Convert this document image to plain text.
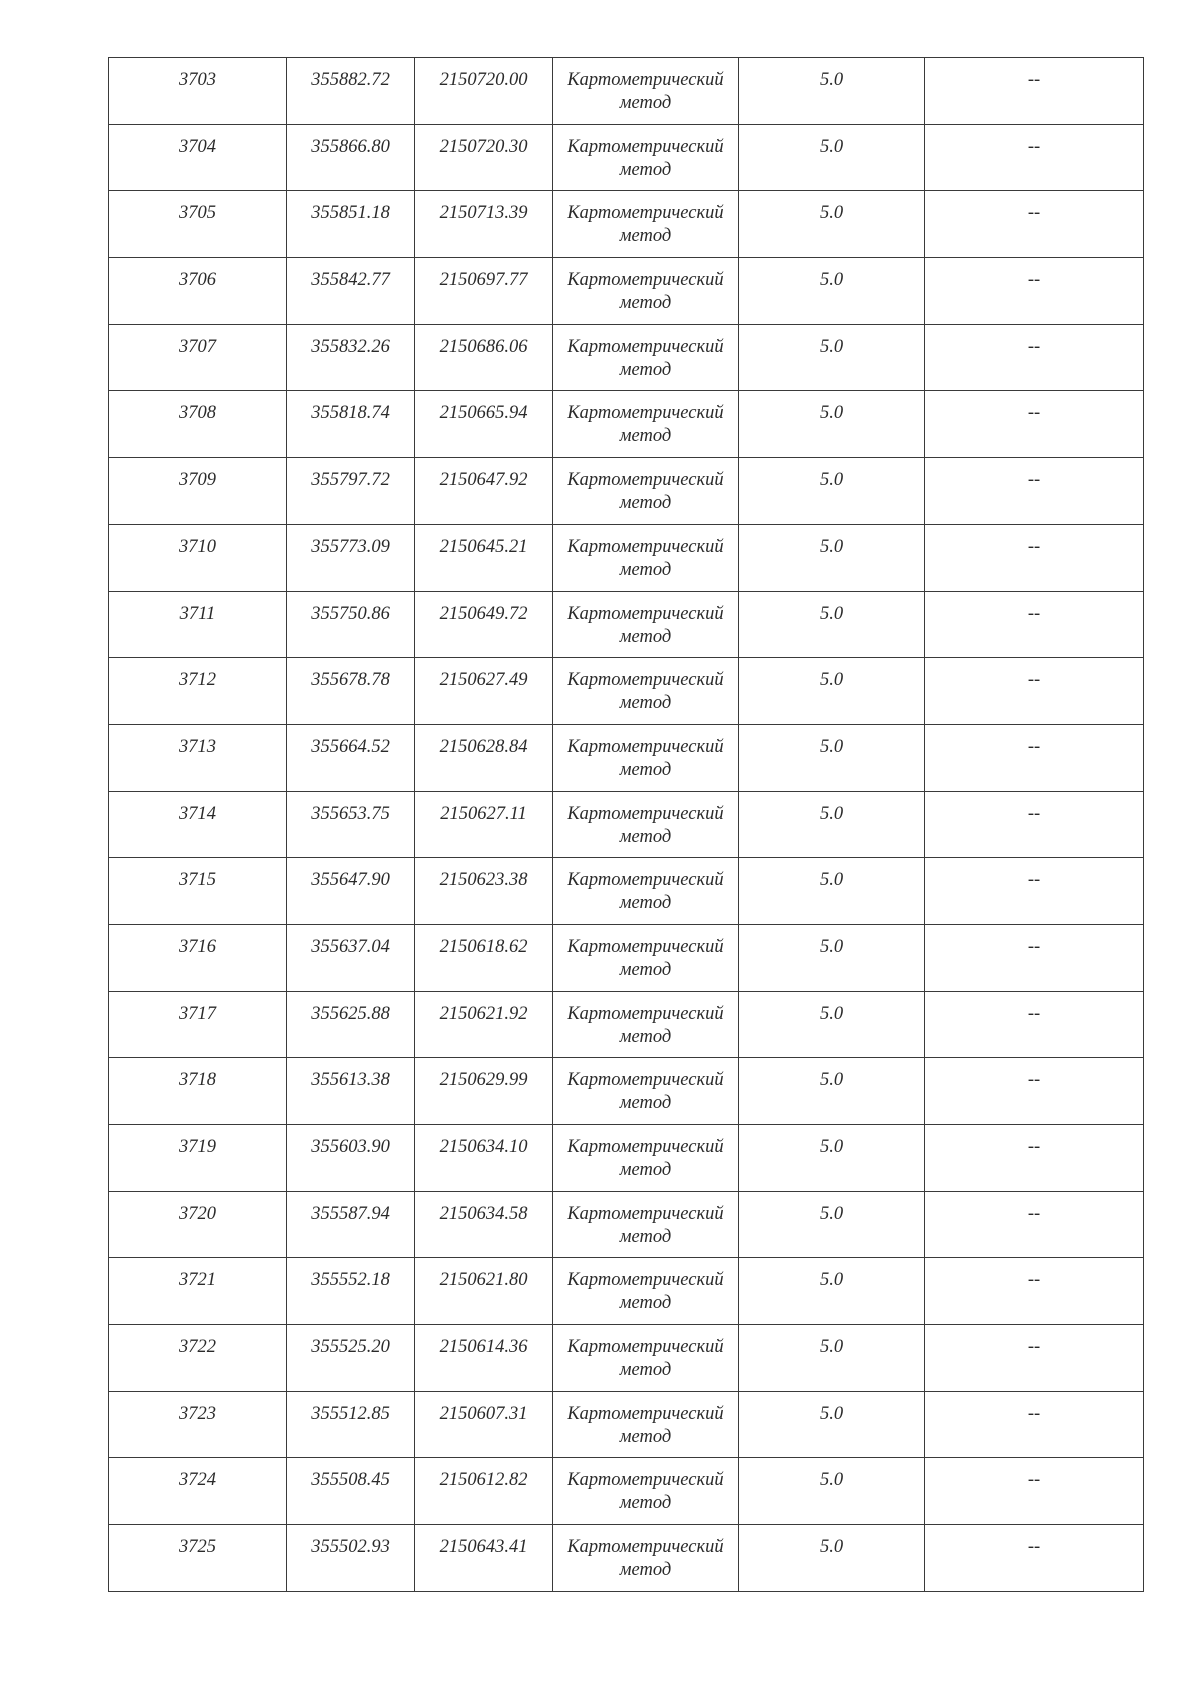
3703	355882.72	2150720.00	Картометрический
метод	5.0	--

3704	355866.80	2150720.30	Картометрический
метод	5.0	--

3705	355851.18	2150713.39	Картометрический
метод	5.0	--

3706	355842.77	2150697.77	Картометрический
метод	5.0	--

3707	355832.26	2150686.06	Картометрический
метод	5.0	--

3708	355818.74	2150665.94	Картометрический
метод	5.0	--

3709	355797.72	2150647.92	Картометрический
метод	5.0	--

3710	355773.09	2150645.21	Картометрический
метод	5.0	--

3711	355750.86	2150649.72	Картометрический
метод	5.0	--

3712	355678.78	2150627.49	Картометрический
метод	5.0	--

3713	355664.52	2150628.84	Картометрический
метод	5.0	--

3714	355653.75	2150627.11	Картометрический
метод	5.0	--

3715	355647.90	2150623.38	Картометрический
метод	5.0	--

3716	355637.04	2150618.62	Картометрический
метод	5.0	--

3717	355625.88	2150621.92	Картометрический
метод	5.0	--

3718	355613.38	2150629.99	Картометрический
метод	5.0	--

3719	355603.90	2150634.10	Картометрический
метод	5.0	--

3720	355587.94	2150634.58	Картометрический
метод	5.0	--

3721	355552.18	2150621.80	Картометрический
метод	5.0	--

3722	355525.20	2150614.36	Картометрический
метод	5.0	--

3723	355512.85	2150607.31	Картометрический
метод	5.0	--

3724	355508.45	2150612.82	Картометрический
метод	5.0	--

3725	355502.93	2150643.41	Картометрический
метод	5.0	--
